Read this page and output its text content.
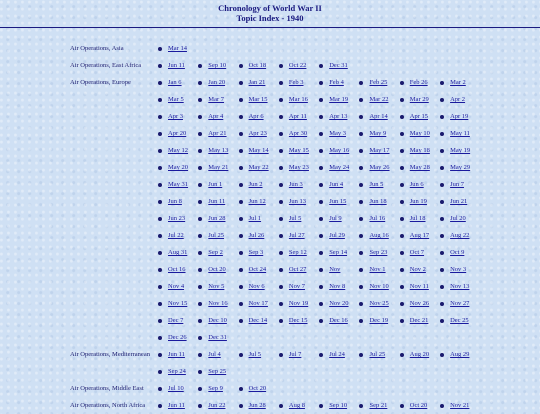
Chronology of World War II
Topic Index - 1940
Air Operations, Asia	Mar 14
Air Operations, East Africa	Jun 11	Sep 10	Oct 18	Oct 22	Dec 31
Air Operations, Europe	Jan 6	Jan 20	Jan 21	Feb 3	Feb 4	Feb 25	Feb 26	Mar 2
Mar 5	Mar 7	Mar 15	Mar 16	Mar 19	Mar 22	Mar 29	Apr 2
Apr 3	Apr 4	Apr 6	Apr 11	Apr 13	Apr 14	Apr 15	Apr 19
Apr 20	Apr 21	Apr 23	Apr 30	May 3	May 9	May 10	May 11
May 12	May 13	May 14	May 15	May 16	May 17	May 18	May 19
May 20	May 21	May 22	May 23	May 24	May 26	May 28	May 29
May 31	Jun 1	Jun 2	Jun 3	Jun 4	Jun 5	Jun 6	Jun 7
Jun 8	Jun 11	Jun 12	Jun 13	Jun 15	Jun 18	Jun 19	Jun 21
Jun 23	Jun 28	Jul 1	Jul 5	Jul 9	Jul 16	Jul 18	Jul 20
Jul 22	Jul 25	Jul 26	Jul 27	Jul 29	Aug 16	Aug 17	Aug 22
Aug 31	Sep 2	Sep 3	Sep 12	Sep 14	Sep 23	Oct 7	Oct 9
Oct 16	Oct 20	Oct 24	Oct 27	Nov	Nov 1	Nov 2	Nov 3
Nov 4	Nov 5	Nov 6	Nov 7	Nov 8	Nov 10	Nov 11	Nov 13
Nov 15	Nov 16	Nov 17	Nov 19	Nov 20	Nov 25	Nov 26	Nov 27
Dec 7	Dec 10	Dec 14	Dec 15	Dec 16	Dec 19	Dec 21	Dec 25
Dec 26	Dec 31
Air Operations, Mediterranean	Jun 11	Jul 4	Jul 5	Jul 7	Jul 24	Jul 25	Aug 20	Aug 29
Sep 24	Sep 25
Air Operations, Middle East	Jul 10	Sep 9	Oct 20
Air Operations, North Africa	Jun 11	Jun 22	Jun 28	Aug 8	Sep 10	Sep 21	Oct 20	Nov 21
